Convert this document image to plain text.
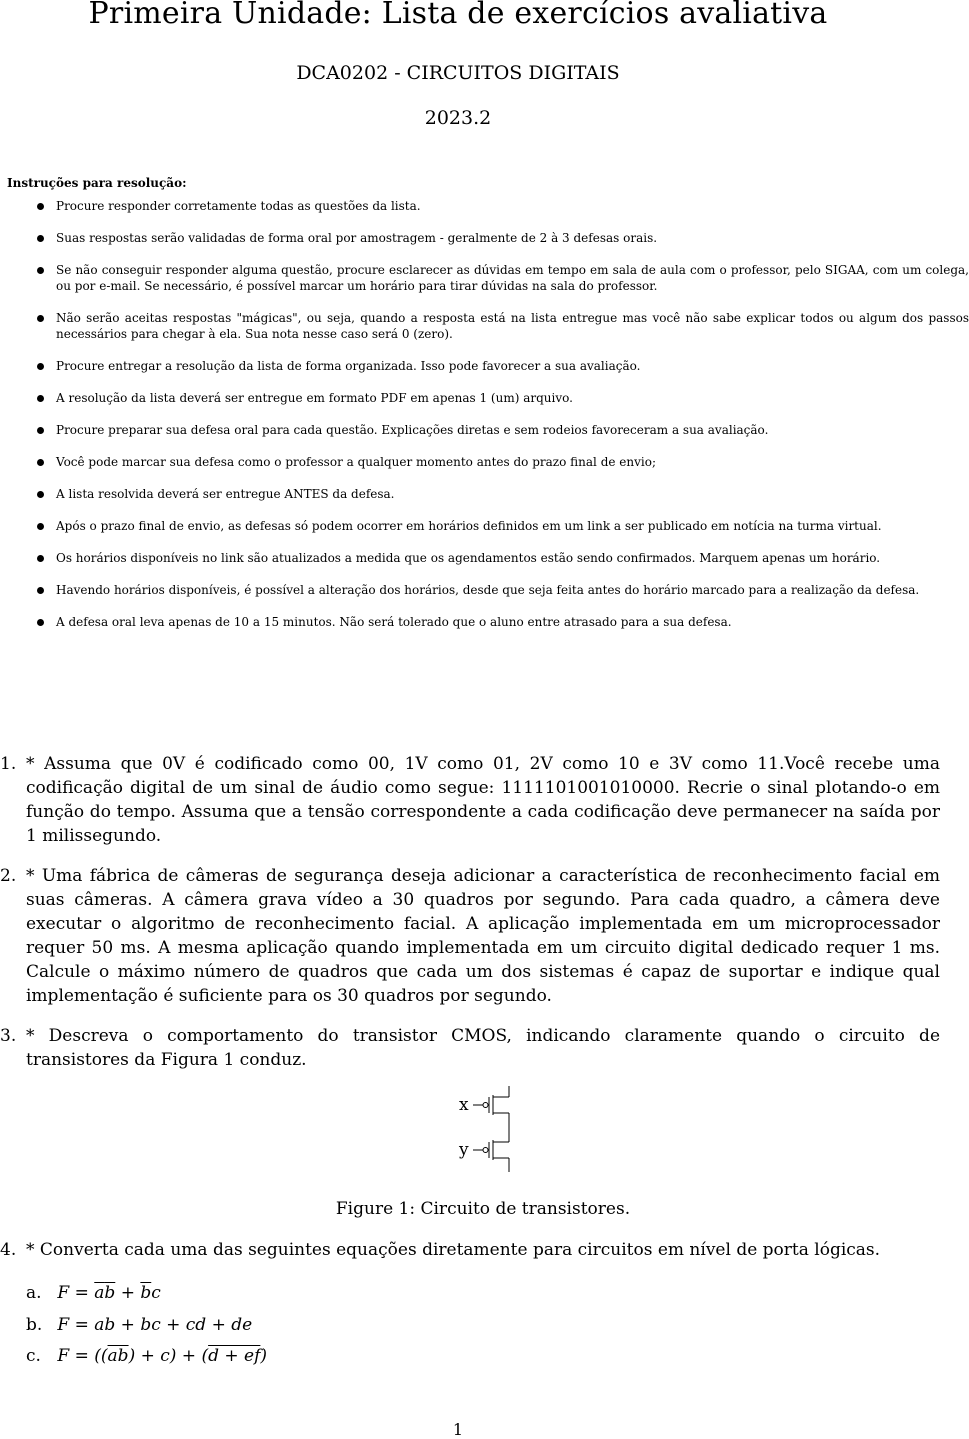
Primeira Unidade: Lista de exercícios avaliativa
DCA0202 - CIRCUITOS DIGITAIS
2023.2
Instruções para resolução:
Procure responder corretamente todas as questões da lista.
Suas respostas serão validadas de forma oral por amostragem - geralmente de 2 à 3 defesas orais.
Se não conseguir responder alguma questão, procure esclarecer as dúvidas em tempo em sala de aula com o professor, pelo SIGAA, com um colega, ou por e-mail. Se necessário, é possível marcar um horário para tirar dúvidas na sala do professor.
Não serão aceitas respostas "mágicas", ou seja, quando a resposta está na lista entregue mas você não sabe explicar todos ou algum dos passos necessários para chegar à ela. Sua nota nesse caso será 0 (zero).
Procure entregar a resolução da lista de forma organizada. Isso pode favorecer a sua avaliação.
A resolução da lista deverá ser entregue em formato PDF em apenas 1 (um) arquivo.
Procure preparar sua defesa oral para cada questão. Explicações diretas e sem rodeios favoreceram a sua avaliação.
Você pode marcar sua defesa como o professor a qualquer momento antes do prazo final de envio;
A lista resolvida deverá ser entregue ANTES da defesa.
Após o prazo final de envio, as defesas só podem ocorrer em horários definidos em um link a ser publicado em notícia na turma virtual.
Os horários disponíveis no link são atualizados a medida que os agendamentos estão sendo confirmados. Marquem apenas um horário.
Havendo horários disponíveis, é possível a alteração dos horários, desde que seja feita antes do horário marcado para a realização da defesa.
A defesa oral leva apenas de 10 a 15 minutos. Não será tolerado que o aluno entre atrasado para a sua defesa.
1. * Assuma que 0V é codificado como 00, 1V como 01, 2V como 10 e 3V como 11.Você recebe uma codificação digital de um sinal de áudio como segue: 1111101001010000. Recrie o sinal plotando-o em função do tempo. Assuma que a tensão correspondente a cada codificação deve permanecer na saída por 1 milissegundo.
2. * Uma fábrica de câmeras de segurança deseja adicionar a característica de reconhecimento facial em suas câmeras. A câmera grava vídeo a 30 quadros por segundo. Para cada quadro, a câmera deve executar o algoritmo de reconhecimento facial. A aplicação implementada em um microprocessador requer 50 ms. A mesma aplicação quando implementada em um circuito digital dedicado requer 1 ms. Calcule o máximo número de quadros que cada um dos sistemas é capaz de suportar e indique qual implementação é suficiente para os 30 quadros por segundo.
3. * Descreva o comportamento do transistor CMOS, indicando claramente quando o circuito de transistores da Figura 1 conduz.
x
y
Figure 1: Circuito de transistores.
4. * Converta cada uma das seguintes equações diretamente para circuitos em nível de porta lógicas.
a. $F = \overline{a}\overline{b} + \overline{b}c$
b. F = ab + bc + cd + de
c. $F = ((\overline{ab}) + c) + (d + ef)$
1
